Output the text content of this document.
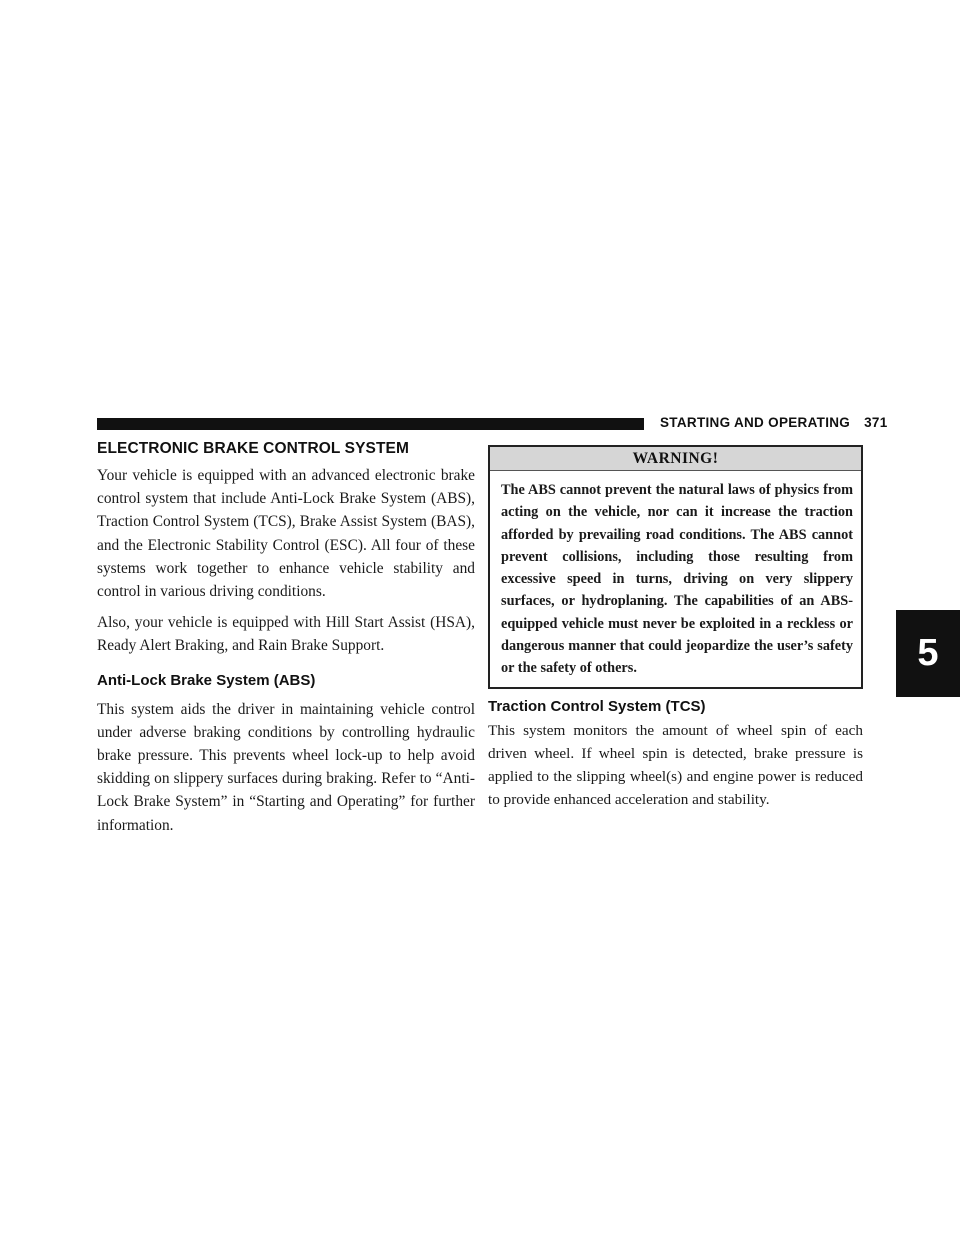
STARTING AND OPERATING 371
5
ELECTRONIC BRAKE CONTROL SYSTEM

Your vehicle is equipped with an advanced electronic brake control system that include Anti-Lock Brake System (ABS), Traction Control System (TCS), Brake Assist System (BAS), and the Electronic Stability Control (ESC). All four of these systems work together to enhance vehicle stability and control in various driving conditions.

Also, your vehicle is equipped with Hill Start Assist (HSA), Ready Alert Braking, and Rain Brake Support.

Anti-Lock Brake System (ABS)

This system aids the driver in maintaining vehicle control under adverse braking conditions by controlling hydraulic brake pressure. This prevents wheel lock-up to help avoid skidding on slippery surfaces during braking. Refer to “Anti-Lock Brake System” in “Starting and Operating” for further information.

WARNING!
The ABS cannot prevent the natural laws of physics from acting on the vehicle, nor can it increase the traction afforded by prevailing road conditions. The ABS cannot prevent collisions, including those resulting from excessive speed in turns, driving on very slippery surfaces, or hydroplaning. The capabilities of an ABS-equipped vehicle must never be exploited in a reckless or dangerous manner that could jeopardize the user’s safety or the safety of others.
Traction Control System (TCS)

This system monitors the amount of wheel spin of each driven wheel. If wheel spin is detected, brake pressure is applied to the slipping wheel(s) and engine power is reduced to provide enhanced acceleration and stability.
